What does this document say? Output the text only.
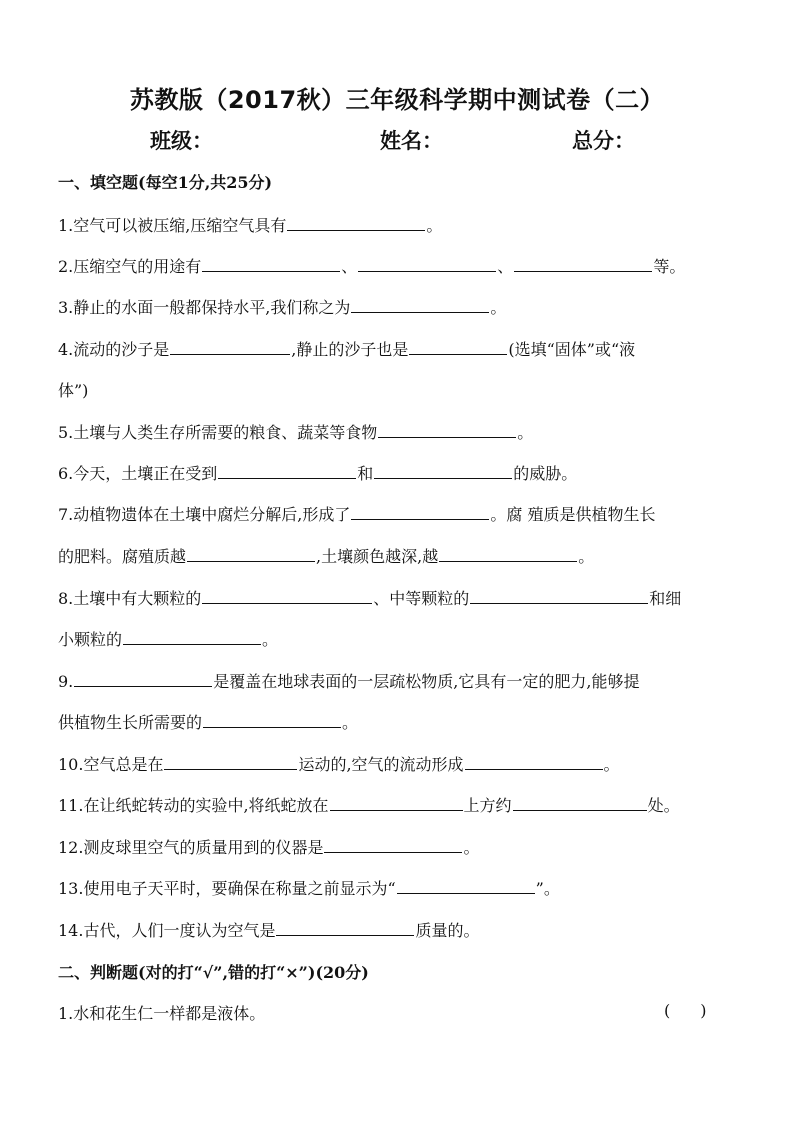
苏教版（2017秋）三年级科学期中测试卷（二）
班级：	姓名：	总分：
一、填空题(每空1分,共25分)
1.空气可以被压缩,压缩空气具有	。
2.压缩空气的用途有	、	、	等。
3.静止的水面一般都保持水平,我们称之为	。
4.流动的沙子是	,静止的沙子也是	(选填“固体”或“液
体”)
5.土壤与人类生存所需要的粮食、蔬菜等食物	。
6.今天，土壤正在受到	和	的威胁。
7.动植物遗体在土壤中腐烂分解后,形成了	。腐 殖质是供植物生长
的肥料。腐殖质越	,土壤颜色越深,越	。
8.土壤中有大颗粒的	、中等颗粒的	和细
小颗粒的	。
9.	是覆盖在地球表面的一层疏松物质,它具有一定的肥力,能够提
供植物生长所需要的	。
10.空气总是在	运动的,空气的流动形成	。
11.在让纸蛇转动的实验中,将纸蛇放在	上方约	处。
12.测皮球里空气的质量用到的仪器是	。
13.使用电子天平时，要确保在称量之前显示为“	”。
14.古代，人们一度认为空气是	质量的。
二、判断题(对的打“√”,错的打“×”)(20分)
1.水和花生仁一样都是液体。	( )
